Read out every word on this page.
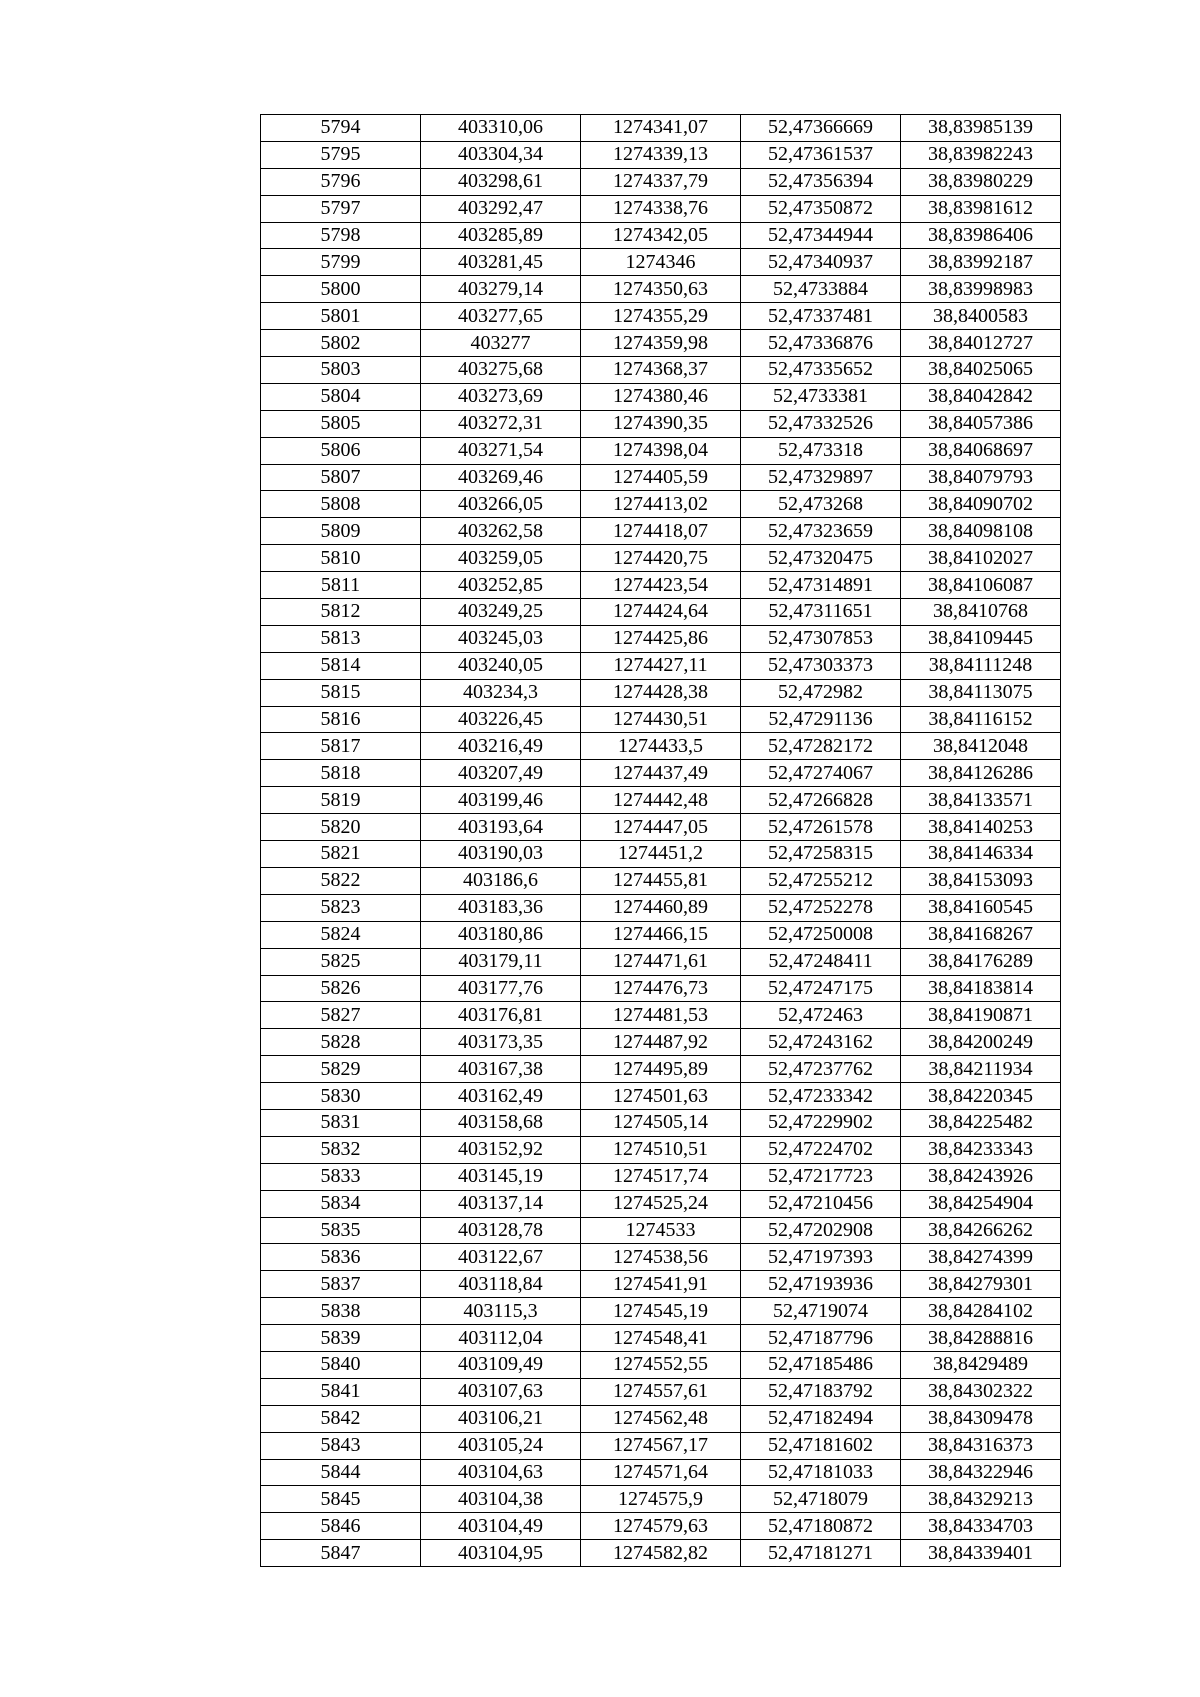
5794	403310,06	1274341,07	52,47366669	38,83985139
5795	403304,34	1274339,13	52,47361537	38,83982243
5796	403298,61	1274337,79	52,47356394	38,83980229
5797	403292,47	1274338,76	52,47350872	38,83981612
5798	403285,89	1274342,05	52,47344944	38,83986406
5799	403281,45	1274346	52,47340937	38,83992187
5800	403279,14	1274350,63	52,4733884	38,83998983
5801	403277,65	1274355,29	52,47337481	38,8400583
5802	403277	1274359,98	52,47336876	38,84012727
5803	403275,68	1274368,37	52,47335652	38,84025065
5804	403273,69	1274380,46	52,4733381	38,84042842
5805	403272,31	1274390,35	52,47332526	38,84057386
5806	403271,54	1274398,04	52,473318	38,84068697
5807	403269,46	1274405,59	52,47329897	38,84079793
5808	403266,05	1274413,02	52,473268	38,84090702
5809	403262,58	1274418,07	52,47323659	38,84098108
5810	403259,05	1274420,75	52,47320475	38,84102027
5811	403252,85	1274423,54	52,47314891	38,84106087
5812	403249,25	1274424,64	52,47311651	38,8410768
5813	403245,03	1274425,86	52,47307853	38,84109445
5814	403240,05	1274427,11	52,47303373	38,84111248
5815	403234,3	1274428,38	52,472982	38,84113075
5816	403226,45	1274430,51	52,47291136	38,84116152
5817	403216,49	1274433,5	52,47282172	38,8412048
5818	403207,49	1274437,49	52,47274067	38,84126286
5819	403199,46	1274442,48	52,47266828	38,84133571
5820	403193,64	1274447,05	52,47261578	38,84140253
5821	403190,03	1274451,2	52,47258315	38,84146334
5822	403186,6	1274455,81	52,47255212	38,84153093
5823	403183,36	1274460,89	52,47252278	38,84160545
5824	403180,86	1274466,15	52,47250008	38,84168267
5825	403179,11	1274471,61	52,47248411	38,84176289
5826	403177,76	1274476,73	52,47247175	38,84183814
5827	403176,81	1274481,53	52,472463	38,84190871
5828	403173,35	1274487,92	52,47243162	38,84200249
5829	403167,38	1274495,89	52,47237762	38,84211934
5830	403162,49	1274501,63	52,47233342	38,84220345
5831	403158,68	1274505,14	52,47229902	38,84225482
5832	403152,92	1274510,51	52,47224702	38,84233343
5833	403145,19	1274517,74	52,47217723	38,84243926
5834	403137,14	1274525,24	52,47210456	38,84254904
5835	403128,78	1274533	52,47202908	38,84266262
5836	403122,67	1274538,56	52,47197393	38,84274399
5837	403118,84	1274541,91	52,47193936	38,84279301
5838	403115,3	1274545,19	52,4719074	38,84284102
5839	403112,04	1274548,41	52,47187796	38,84288816
5840	403109,49	1274552,55	52,47185486	38,8429489
5841	403107,63	1274557,61	52,47183792	38,84302322
5842	403106,21	1274562,48	52,47182494	38,84309478
5843	403105,24	1274567,17	52,47181602	38,84316373
5844	403104,63	1274571,64	52,47181033	38,84322946
5845	403104,38	1274575,9	52,4718079	38,84329213
5846	403104,49	1274579,63	52,47180872	38,84334703
5847	403104,95	1274582,82	52,47181271	38,84339401
